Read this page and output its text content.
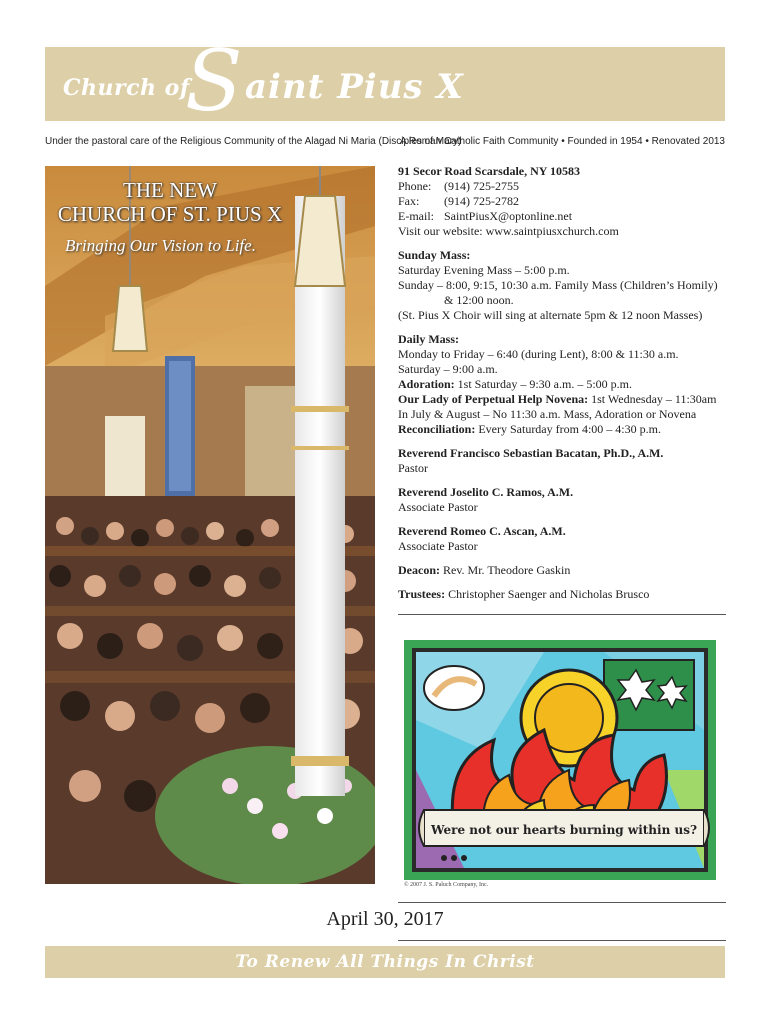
Church of
S aint Pius X
Under the pastoral care of the Religious Community of the Alagad Ni Maria (Disciples of Mary)
A Roman Catholic Faith Community • Founded in 1954 • Renovated 2013
THE NEW
CHURCH OF ST. PIUS X
Bringing Our Vision to Life.
91 Secor Road Scarsdale, NY 10583
Phone:	(914) 725-2755
Fax:	(914) 725-2782
E-mail: SaintPiusX@optonline.net
Visit our website: www.saintpiusxchurch.com
Sunday Mass:
Saturday Evening Mass – 5:00 p.m.
Sunday – 8:00, 9:15, 10:30 a.m. Family Mass (Children’s Homily)
& 12:00 noon.
(St. Pius X Choir will sing at alternate 5pm & 12 noon Masses)
Daily Mass:
Monday to Friday – 6:40 (during Lent), 8:00 & 11:30 a.m.
Saturday – 9:00 a.m.
Adoration: 1st Saturday – 9:30 a.m. – 5:00 p.m.
Our Lady of Perpetual Help Novena: 1st Wednesday – 11:30am
In July & August – No 11:30 a.m. Mass, Adoration or Novena
Reconciliation: Every Saturday from 4:00 – 4:30 p.m.
Reverend Francisco Sebastian Bacatan, Ph.D., A.M.
Pastor
Reverend Joselito C. Ramos, A.M.
Associate Pastor
Reverend Romeo C. Ascan, A.M.
Associate Pastor
Deacon: Rev. Mr. Theodore Gaskin
Trustees: Christopher Saenger and Nicholas Brusco
Were not our hearts burning within us?
© 2007 J. S. Paluch Company, Inc.
April 30, 2017
To Renew All Things In Christ
